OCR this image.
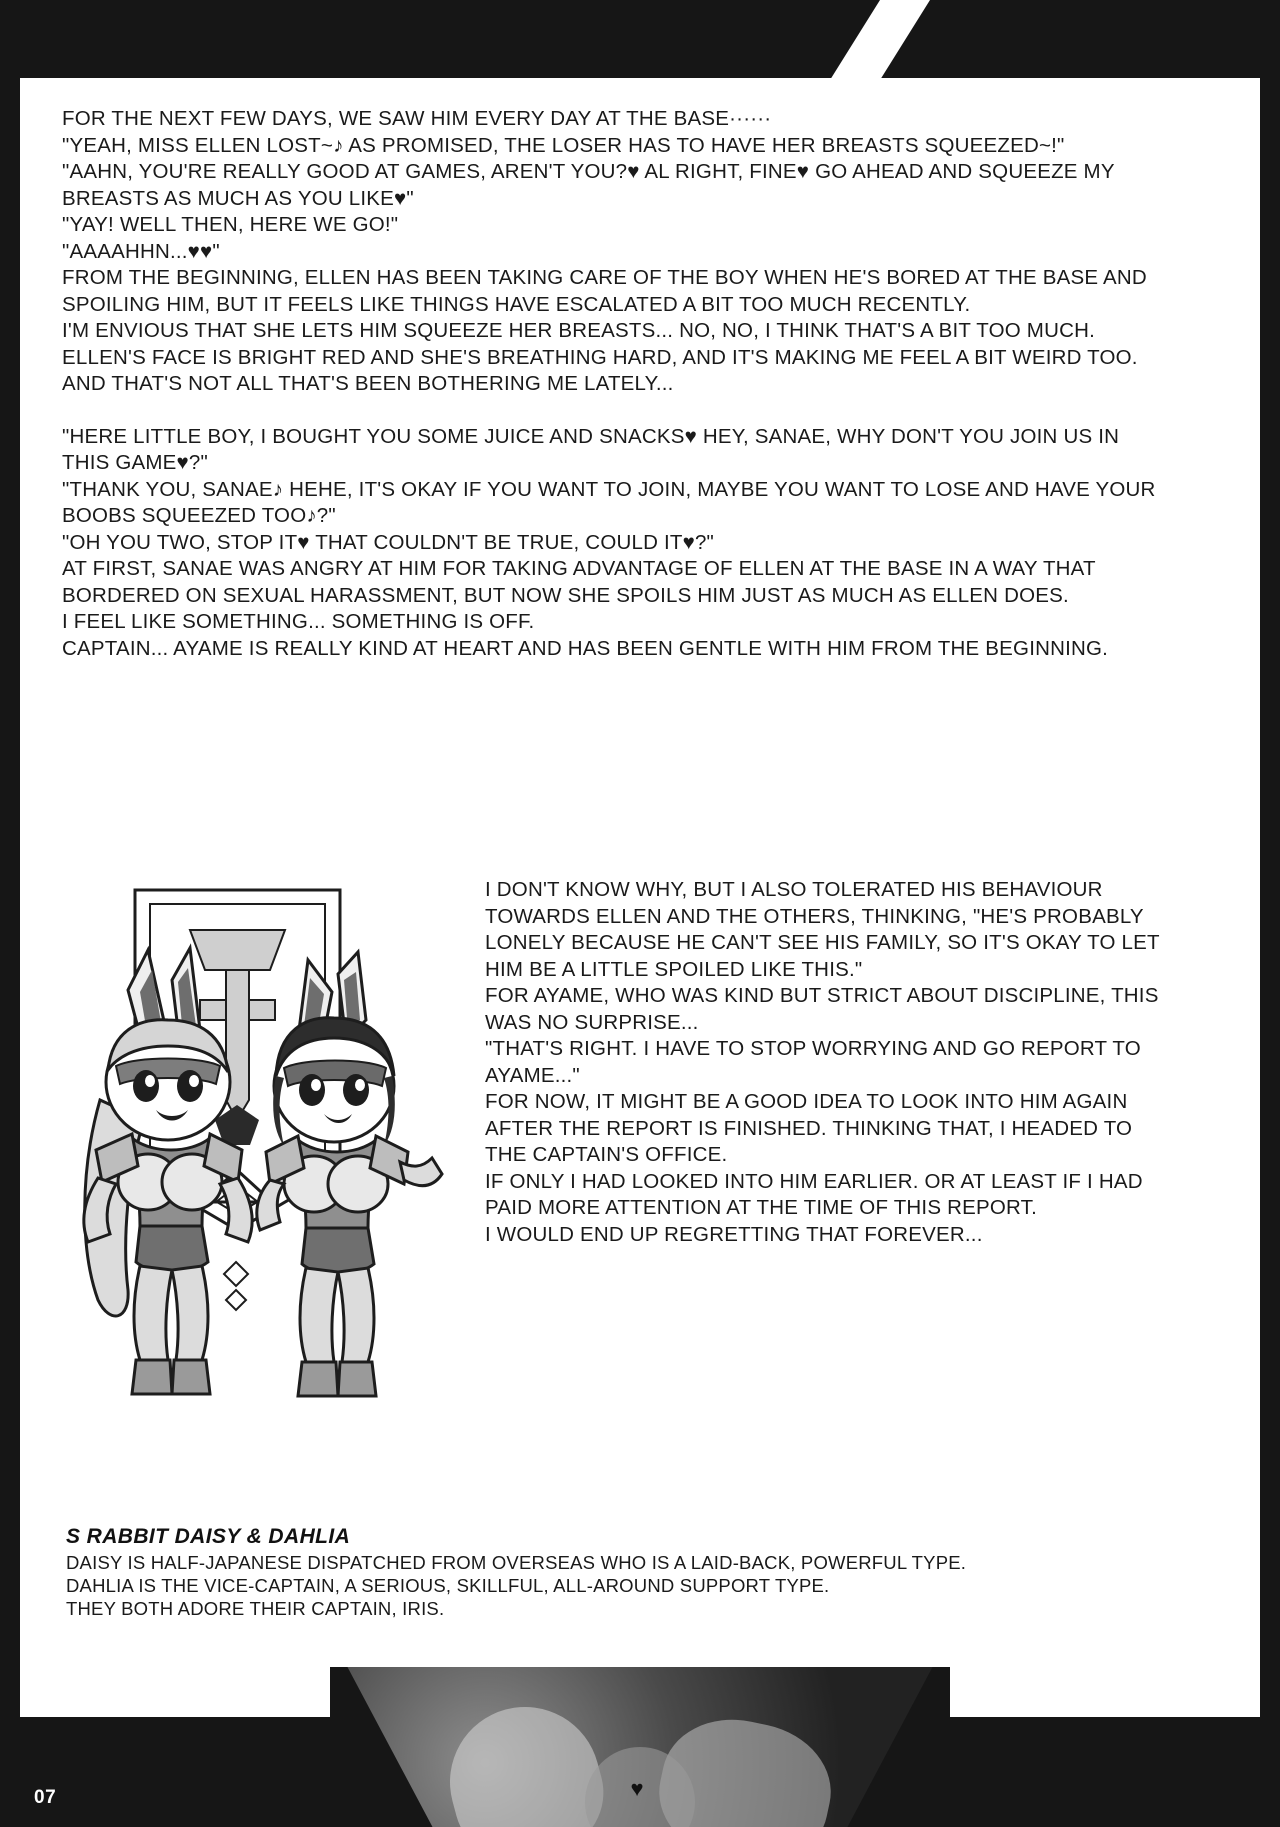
FOR THE NEXT FEW DAYS, WE SAW HIM EVERY DAY AT THE BASE······

"YEAH, MISS ELLEN LOST~♪ AS PROMISED, THE LOSER HAS TO HAVE HER BREASTS SQUEEZED~!"

"AAHN, YOU'RE REALLY GOOD AT GAMES, AREN'T YOU?♥ AL RIGHT, FINE♥ GO AHEAD AND SQUEEZE MY BREASTS AS MUCH AS YOU LIKE♥"

"YAY! WELL THEN, HERE WE GO!"

"AAAAHHN...♥♥"

FROM THE BEGINNING, ELLEN HAS BEEN TAKING CARE OF THE BOY WHEN HE'S BORED AT THE BASE AND SPOILING HIM, BUT IT FEELS LIKE THINGS HAVE ESCALATED A BIT TOO MUCH RECENTLY.

I'M ENVIOUS THAT SHE LETS HIM SQUEEZE HER BREASTS... NO, NO, I THINK THAT'S A BIT TOO MUCH. ELLEN'S FACE IS BRIGHT RED AND SHE'S BREATHING HARD, AND IT'S MAKING ME FEEL A BIT WEIRD TOO.

AND THAT'S NOT ALL THAT'S BEEN BOTHERING ME LATELY...

"HERE LITTLE BOY, I BOUGHT YOU SOME JUICE AND SNACKS♥ HEY, SANAE, WHY DON'T YOU JOIN US IN THIS GAME♥?"

"THANK YOU, SANAE♪ HEHE, IT'S OKAY IF YOU WANT TO JOIN, MAYBE YOU WANT TO LOSE AND HAVE YOUR BOOBS SQUEEZED TOO♪?"

"OH YOU TWO, STOP IT♥ THAT COULDN'T BE TRUE, COULD IT♥?"

AT FIRST, SANAE WAS ANGRY AT HIM FOR TAKING ADVANTAGE OF ELLEN AT THE BASE IN A WAY THAT BORDERED ON SEXUAL HARASSMENT, BUT NOW SHE SPOILS HIM JUST AS MUCH AS ELLEN DOES.

I FEEL LIKE SOMETHING... SOMETHING IS OFF.

CAPTAIN... AYAME IS REALLY KIND AT HEART AND HAS BEEN GENTLE WITH HIM FROM THE BEGINNING.

I DON'T KNOW WHY, BUT I ALSO TOLERATED HIS BEHAVIOUR TOWARDS ELLEN AND THE OTHERS, THINKING, "HE'S PROBABLY LONELY BECAUSE HE CAN'T SEE HIS FAMILY, SO IT'S OKAY TO LET HIM BE A LITTLE SPOILED LIKE THIS."

FOR AYAME, WHO WAS KIND BUT STRICT ABOUT DISCIPLINE, THIS WAS NO SURPRISE...

"THAT'S RIGHT. I HAVE TO STOP WORRYING AND GO REPORT TO AYAME..."

FOR NOW, IT MIGHT BE A GOOD IDEA TO LOOK INTO HIM AGAIN AFTER THE REPORT IS FINISHED. THINKING THAT, I HEADED TO THE CAPTAIN'S OFFICE.

IF ONLY I HAD LOOKED INTO HIM EARLIER. OR AT LEAST IF I HAD PAID MORE ATTENTION AT THE TIME OF THIS REPORT.

I WOULD END UP REGRETTING THAT FOREVER...

S RABBIT DAISY & DAHLIA
DAISY IS HALF-JAPANESE DISPATCHED FROM OVERSEAS WHO IS A LAID-BACK, POWERFUL TYPE.
DAHLIA IS THE VICE-CAPTAIN, A SERIOUS, SKILLFUL, ALL-AROUND SUPPORT TYPE.
THEY BOTH ADORE THEIR CAPTAIN, IRIS.
♥
07
